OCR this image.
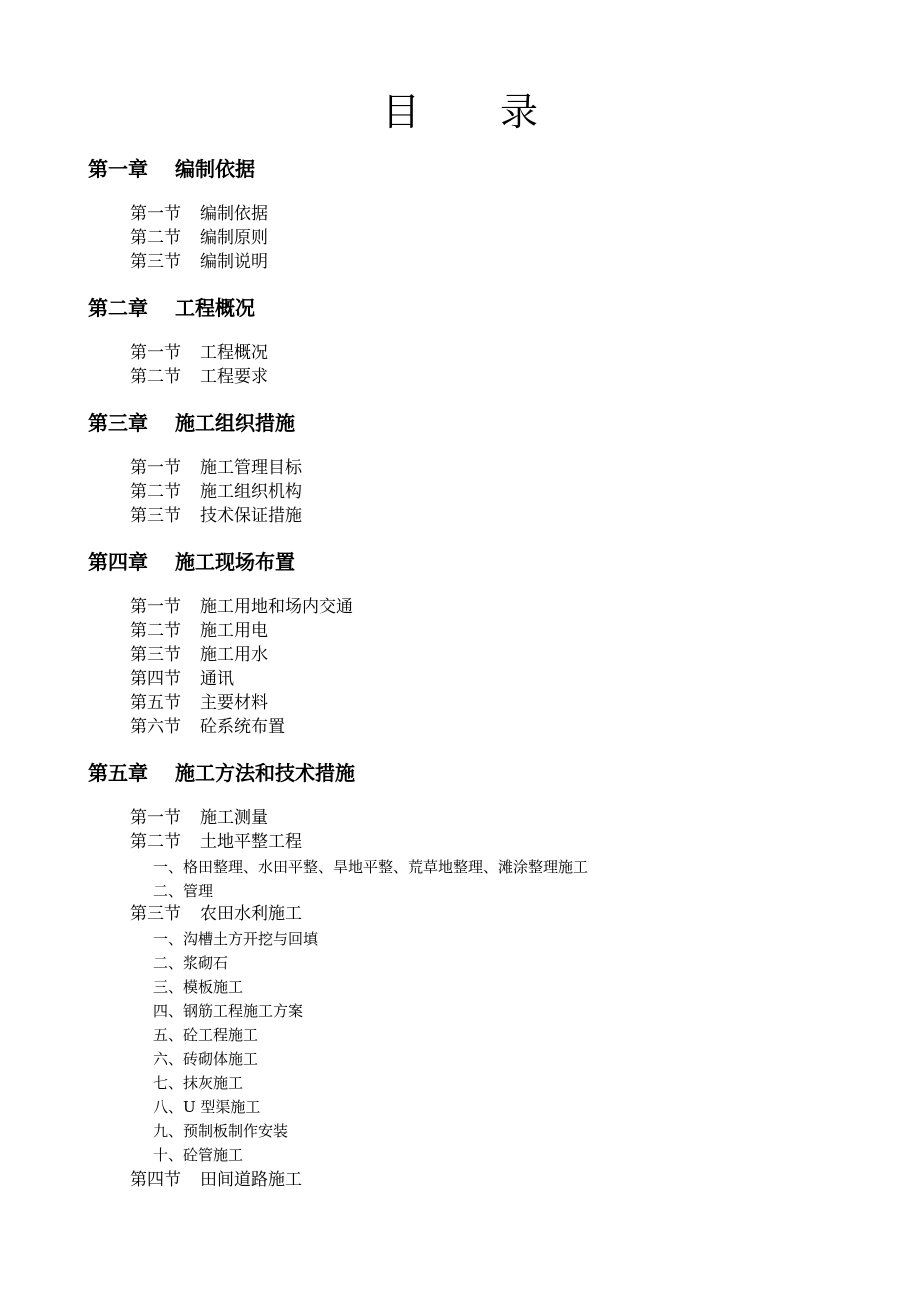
目 录
第一章 编制依据
第一节 编制依据
第二节 编制原则
第三节 编制说明
第二章 工程概况
第一节 工程概况
第二节 工程要求
第三章 施工组织措施
第一节 施工管理目标
第二节 施工组织机构
第三节 技术保证措施
第四章 施工现场布置
第一节 施工用地和场内交通
第二节 施工用电
第三节 施工用水
第四节 通讯
第五节 主要材料
第六节 砼系统布置
第五章 施工方法和技术措施
第一节 施工测量
第二节 土地平整工程
一、格田整理、水田平整、旱地平整、荒草地整理、滩涂整理施工
二、管理
第三节 农田水利施工
一、沟槽土方开挖与回填
二、浆砌石
三、模板施工
四、钢筋工程施工方案
五、砼工程施工
六、砖砌体施工
七、抹灰施工
八、U 型渠施工
九、预制板制作安装
十、砼管施工
第四节 田间道路施工
